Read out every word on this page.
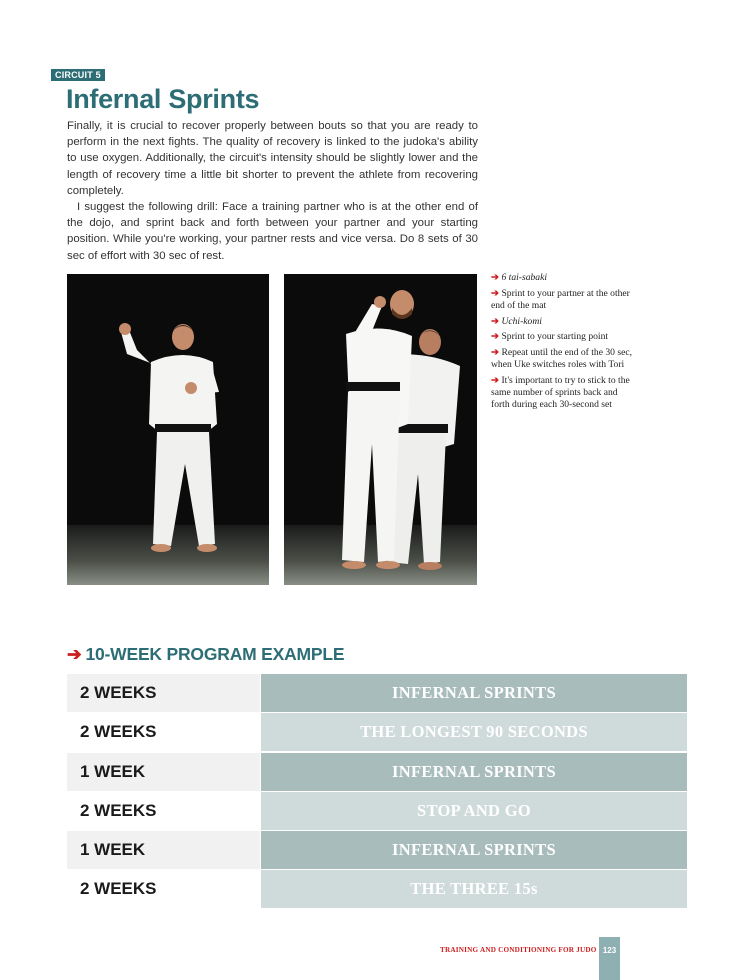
CIRCUIT 5
Infernal Sprints

Finally, it is crucial to recover properly between bouts so that you are ready to perform in the next fights. The quality of recovery is linked to the judoka's ability to use oxygen. Additionally, the circuit's intensity should be slightly lower and the length of recovery time a little bit shorter to prevent the athlete from recovering completely.

I suggest the following drill: Face a training partner who is at the other end of the dojo, and sprint back and forth between your partner and your starting position. While you're working, your partner rests and vice versa. Do 8 sets of 30 sec of effort with 30 sec of rest.

➔ 6 tai-sabaki
➔ Sprint to your partner at the other end of the mat
➔ Uchi-komi
➔ Sprint to your starting point
➔ Repeat until the end of the 30 sec, when Uke switches roles with Tori
➔ It's important to try to stick to the same number of sprints back and forth during each 30-second set
➔ 10-WEEK PROGRAM EXAMPLE
2 WEEKS	INFERNAL SPRINTS
2 WEEKS	THE LONGEST 90 SECONDS
1 WEEK	INFERNAL SPRINTS
2 WEEKS	STOP AND GO
1 WEEK	INFERNAL SPRINTS
2 WEEKS	THE THREE 15s
TRAINING AND CONDITIONING FOR JUDO 123
